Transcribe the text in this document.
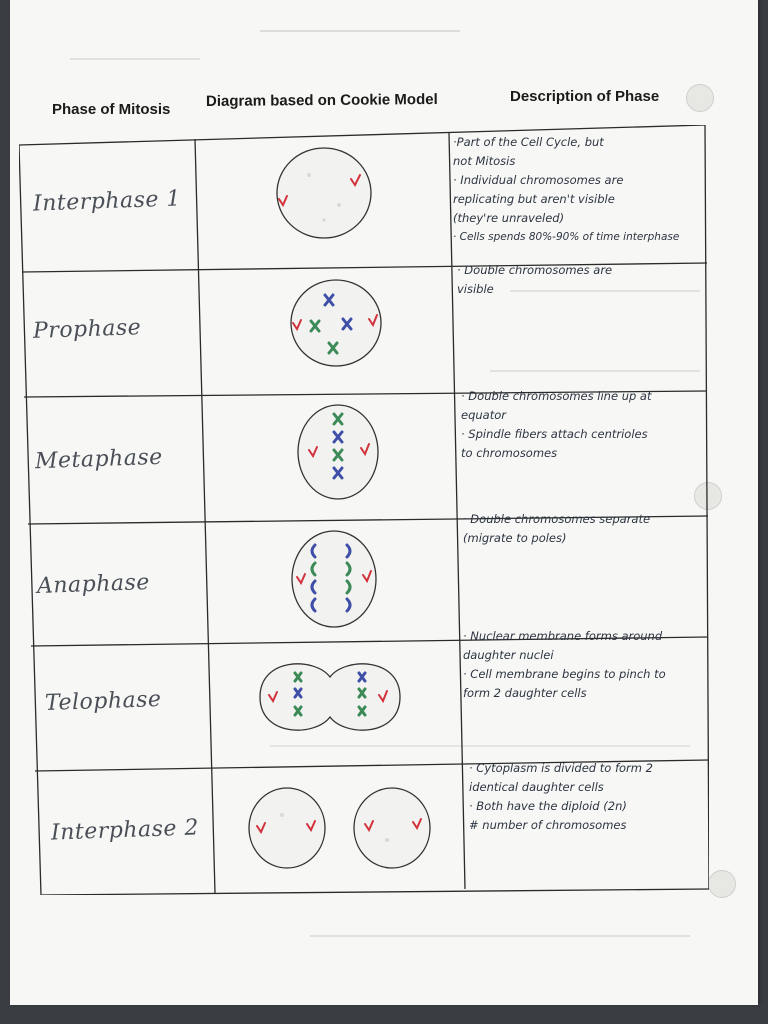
Phase of Mitosis Diagram based on Cookie Model	Description of Phase
Interphase 1
Prophase
Metaphase
Anaphase
Telophase
Interphase 2
·Part of the Cell Cycle, but
not Mitosis
· Individual chromosomes are
replicating but aren't visible
(they're unraveled)
· Cells spends 80%-90% of time interphase
· Double chromosomes are
visible
· Double chromosomes line up at
equator
· Spindle fibers attach centrioles
to chromosomes
· Double chromosomes separate
(migrate to poles)
· Nuclear membrane forms around
daughter nuclei
· Cell membrane begins to pinch to
form 2 daughter cells
· Cytoplasm is divided to form 2
identical daughter cells
· Both have the diploid (2n)
# number of chromosomes
